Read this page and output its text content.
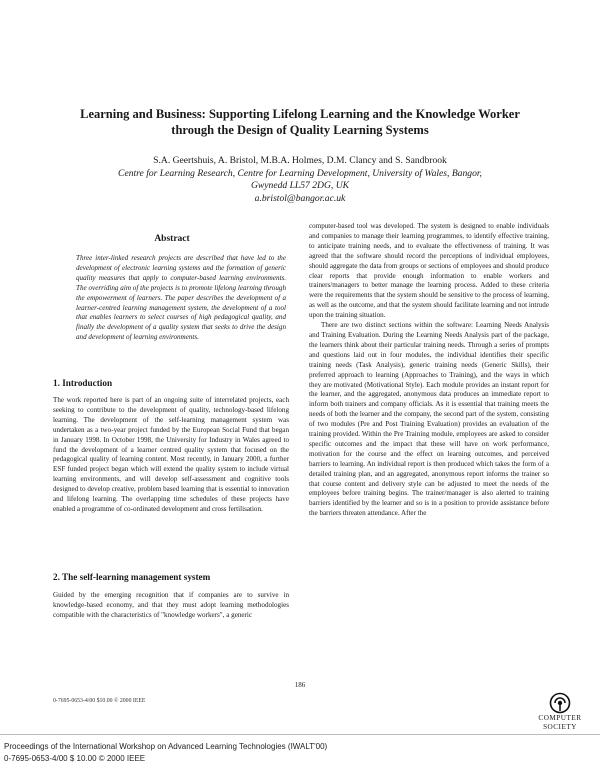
Learning and Business: Supporting Lifelong Learning and the Knowledge Worker
through the Design of Quality Learning Systems
S.A. Geertshuis, A. Bristol, M.B.A. Holmes, D.M. Clancy and S. Sandbrook
Centre for Learning Research, Centre for Learning Development, University of Wales, Bangor,
Gwynedd LL57 2DG, UK
a.bristol@bangor.ac.uk
Abstract
Three inter-linked research projects are described that have led to the development of electronic learning systems and the formation of generic quality measures that apply to computer-based learning environments. The overriding aim of the projects is to promote lifelong learning through the empowerment of learners. The paper describes the development of a learner-centred learning management system, the development of a tool that enables learners to select courses of high pedagogical quality, and finally the development of a quality system that seeks to drive the design and development of learning environments.
1. Introduction
The work reported here is part of an ongoing suite of interrelated projects, each seeking to contribute to the development of quality, technology-based lifelong learning. The development of the self-learning management system was undertaken as a two-year project funded by the European Social Fund that began in January 1998. In October 1998, the University for Industry in Wales agreed to fund the development of a learner centred quality system that focused on the pedagogical quality of learning content. Most recently, in January 2000, a further ESF funded project began which will extend the quality system to include virtual learning environments, and will develop self-assessment and cognitive tools designed to develop creative, problem based learning that is essential to innovation and lifelong learning. The overlapping time schedules of these projects have enabled a programme of co-ordinated development and cross fertilisation.
2. The self-learning management system
Guided by the emerging recognition that if companies are to survive in knowledge-based economy, and that they must adopt learning methodologies compatible with the characteristics of "knowledge workers", a generic

computer-based tool was developed. The system is designed to enable individuals and companies to manage their learning programmes, to identify effective training, to anticipate training needs, and to evaluate the effectiveness of training. It was agreed that the software should record the perceptions of individual employees, should aggregate the data from groups or sections of employees and should produce clear reports that provide enough information to enable workers and trainers/managers to better manage the learning process. Added to these criteria were the requirements that the system should be sensitive to the process of learning, as well as the outcome, and that the system should facilitate learning and not intrude upon the training situation.

There are two distinct sections within the software: Learning Needs Analysis and Training Evaluation. During the Learning Needs Analysis part of the package, the learners think about their particular training needs. Through a series of prompts and questions laid out in four modules, the individual identifies their specific training needs (Task Analysis), generic training needs (Generic Skills), their preferred approach to learning (Approaches to Training), and the ways in which they are motivated (Motivational Style). Each module provides an instant report for the learner, and the aggregated, anonymous data produces an immediate report to inform both trainers and company officials. As it is essential that training meets the needs of both the learner and the company, the second part of the system, consisting of two modules (Pre and Post Training Evaluation) provides an evaluation of the training provided. Within the Pre Training module, employees are asked to consider specific outcomes and the impact that these will have on work performance, motivation for the course and the effect on learning outcomes, and perceived barriers to learning. An individual report is then produced which takes the form of a detailed training plan, and an aggregated, anonymous report informs the trainer so that course content and delivery style can be adjusted to meet the needs of the employees before training begins. The trainer/manager is also alerted to training barriers identified by the learner and so is in a position to provide assistance before the barriers threaten attendance. After the

186
0-7695-0653-4/00 $10.00 © 2000 IEEE
COMPUTER
SOCIETY
Proceedings of the International Workshop on Advanced Learning Technologies (IWALT'00)
0-7695-0653-4/00 $ 10.00 © 2000 IEEE
